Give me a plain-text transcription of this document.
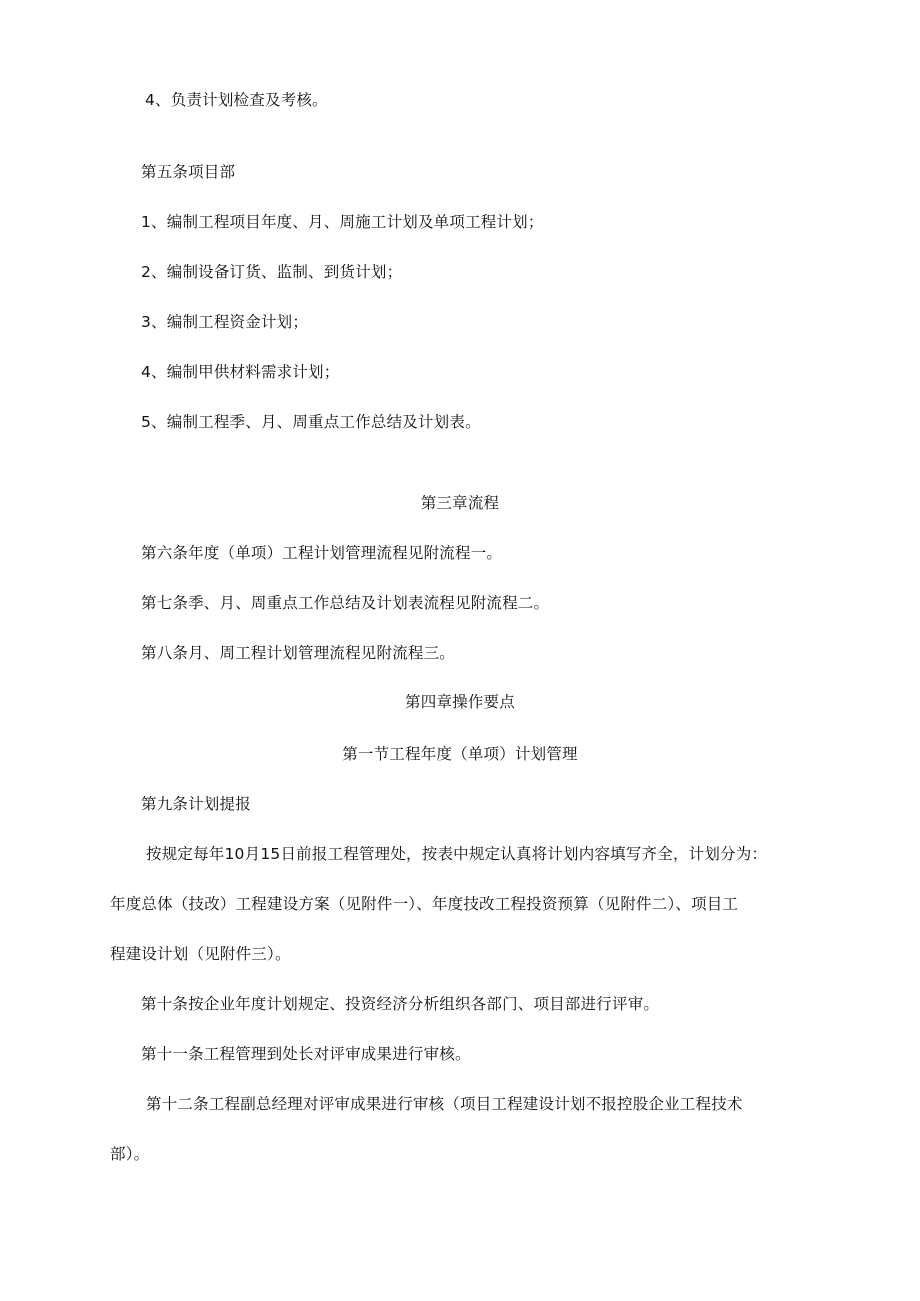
4、负责计划检查及考核。
第五条项目部
1、编制工程项目年度、月、周施工计划及单项工程计划；
2、编制设备订货、监制、到货计划；
3、编制工程资金计划；
4、编制甲供材料需求计划；
5、编制工程季、月、周重点工作总结及计划表。
第三章流程
第六条年度（单项）工程计划管理流程见附流程一。
第七条季、月、周重点工作总结及计划表流程见附流程二。
第八条月、周工程计划管理流程见附流程三。
第四章操作要点
第一节工程年度（单项）计划管理
第九条计划提报
按规定每年10月15日前报工程管理处，按表中规定认真将计划内容填写齐全，计划分为：
年度总体（技改）工程建设方案（见附件一）、年度技改工程投资预算（见附件二）、项目工
程建设计划（见附件三）。
第十条按企业年度计划规定、投资经济分析组织各部门、项目部进行评审。
第十一条工程管理到处长对评审成果进行审核。
第十二条工程副总经理对评审成果进行审核（项目工程建设计划不报控股企业工程技术
部）。
